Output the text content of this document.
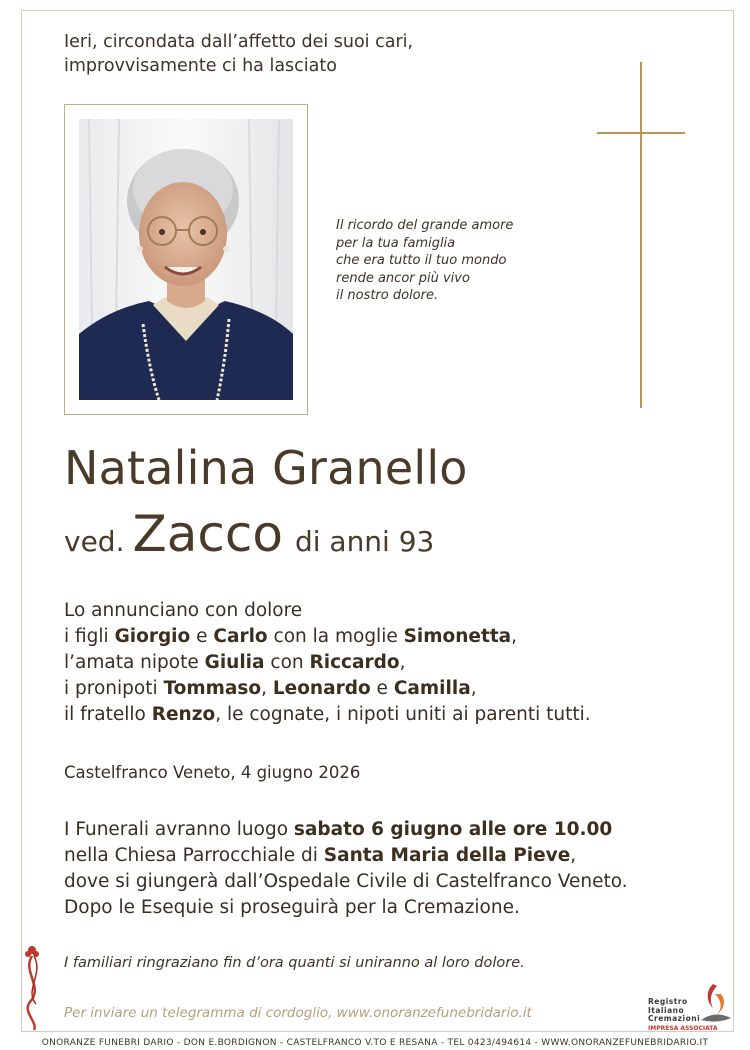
Ieri, circondata dall’affetto dei suoi cari,
improvvisamente ci ha lasciato
Il ricordo del grande amore
per la tua famiglia
che era tutto il tuo mondo
rende ancor più vivo
il nostro dolore.
Natalina Granello
ved. Zacco di anni 93
Lo annunciano con dolore
i figli Giorgio e Carlo con la moglie Simonetta,
l’amata nipote Giulia con Riccardo,
i pronipoti Tommaso, Leonardo e Camilla,
il fratello Renzo, le cognate, i nipoti uniti ai parenti tutti.
Castelfranco Veneto, 4 giugno 2026
I Funerali avranno luogo sabato 6 giugno alle ore 10.00
nella Chiesa Parrocchiale di Santa Maria della Pieve,
dove si giungerà dall’Ospedale Civile di Castelfranco Veneto.
Dopo le Esequie si proseguirà per la Cremazione.
I familiari ringraziano fin d’ora quanti si uniranno al loro dolore.
Per inviare un telegramma di cordoglio, www.onoranzefunebridario.it
Registro
Italiano
Cremazioni
IMPRESA ASSOCIATA
ONORANZE FUNEBRI DARIO - DON E.BORDIGNON - CASTELFRANCO V.TO E RESANA - TEL 0423/494614 - WWW.ONORANZEFUNEBRIDARIO.IT
